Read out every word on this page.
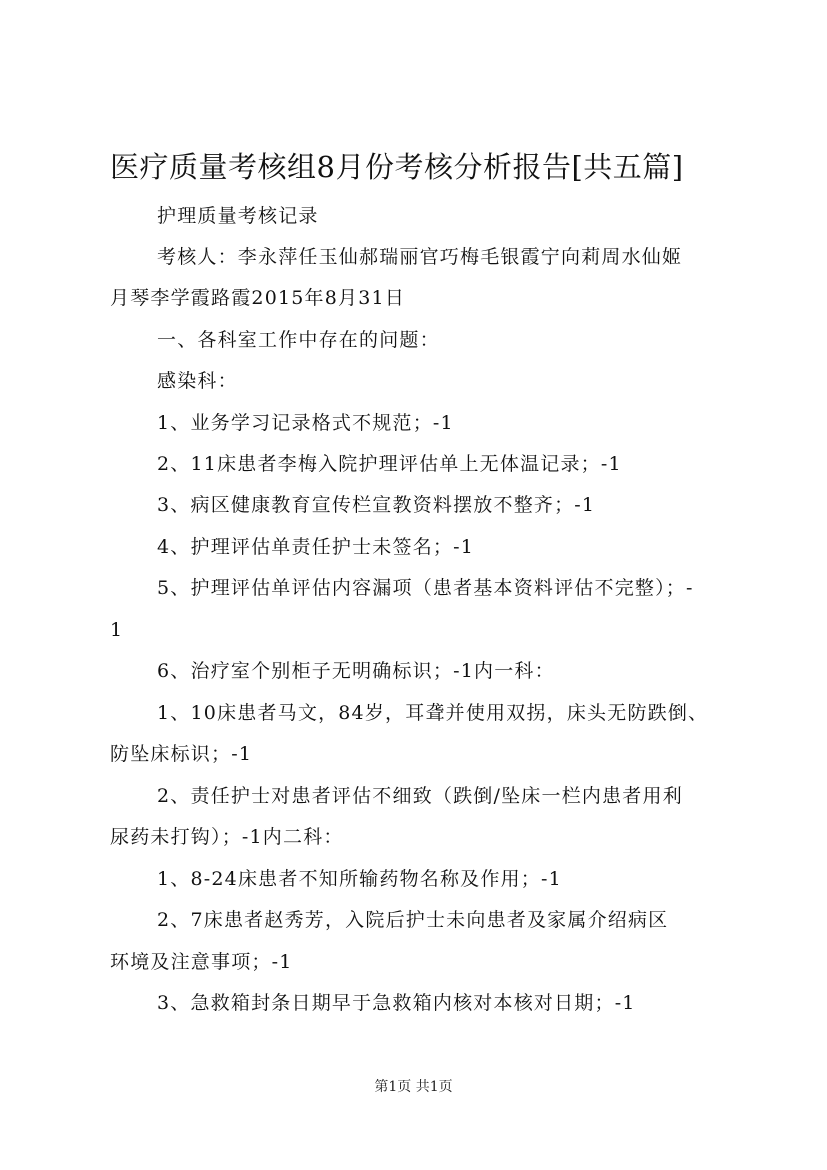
医疗质量考核组8月份考核分析报告[共五篇]
护理质量考核记录
考核人：李永萍任玉仙郝瑞丽官巧梅毛银霞宁向莉周水仙姬
月琴李学霞路霞2015年8月31日
一、各科室工作中存在的问题：
感染科：
1、业务学习记录格式不规范；-1
2、11床患者李梅入院护理评估单上无体温记录；-1
3、病区健康教育宣传栏宣教资料摆放不整齐；-1
4、护理评估单责任护士未签名；-1
5、护理评估单评估内容漏项（患者基本资料评估不完整）；-
1
6、治疗室个别柜子无明确标识；-1内一科：
1、10床患者马文，84岁，耳聋并使用双拐，床头无防跌倒、
防坠床标识；-1
2、责任护士对患者评估不细致（跌倒/坠床一栏内患者用利
尿药未打钩）；-1内二科：
1、8-24床患者不知所输药物名称及作用；-1
2、7床患者赵秀芳，入院后护士未向患者及家属介绍病区
环境及注意事项；-1
3、急救箱封条日期早于急救箱内核对本核对日期；-1
第1页 共1页
